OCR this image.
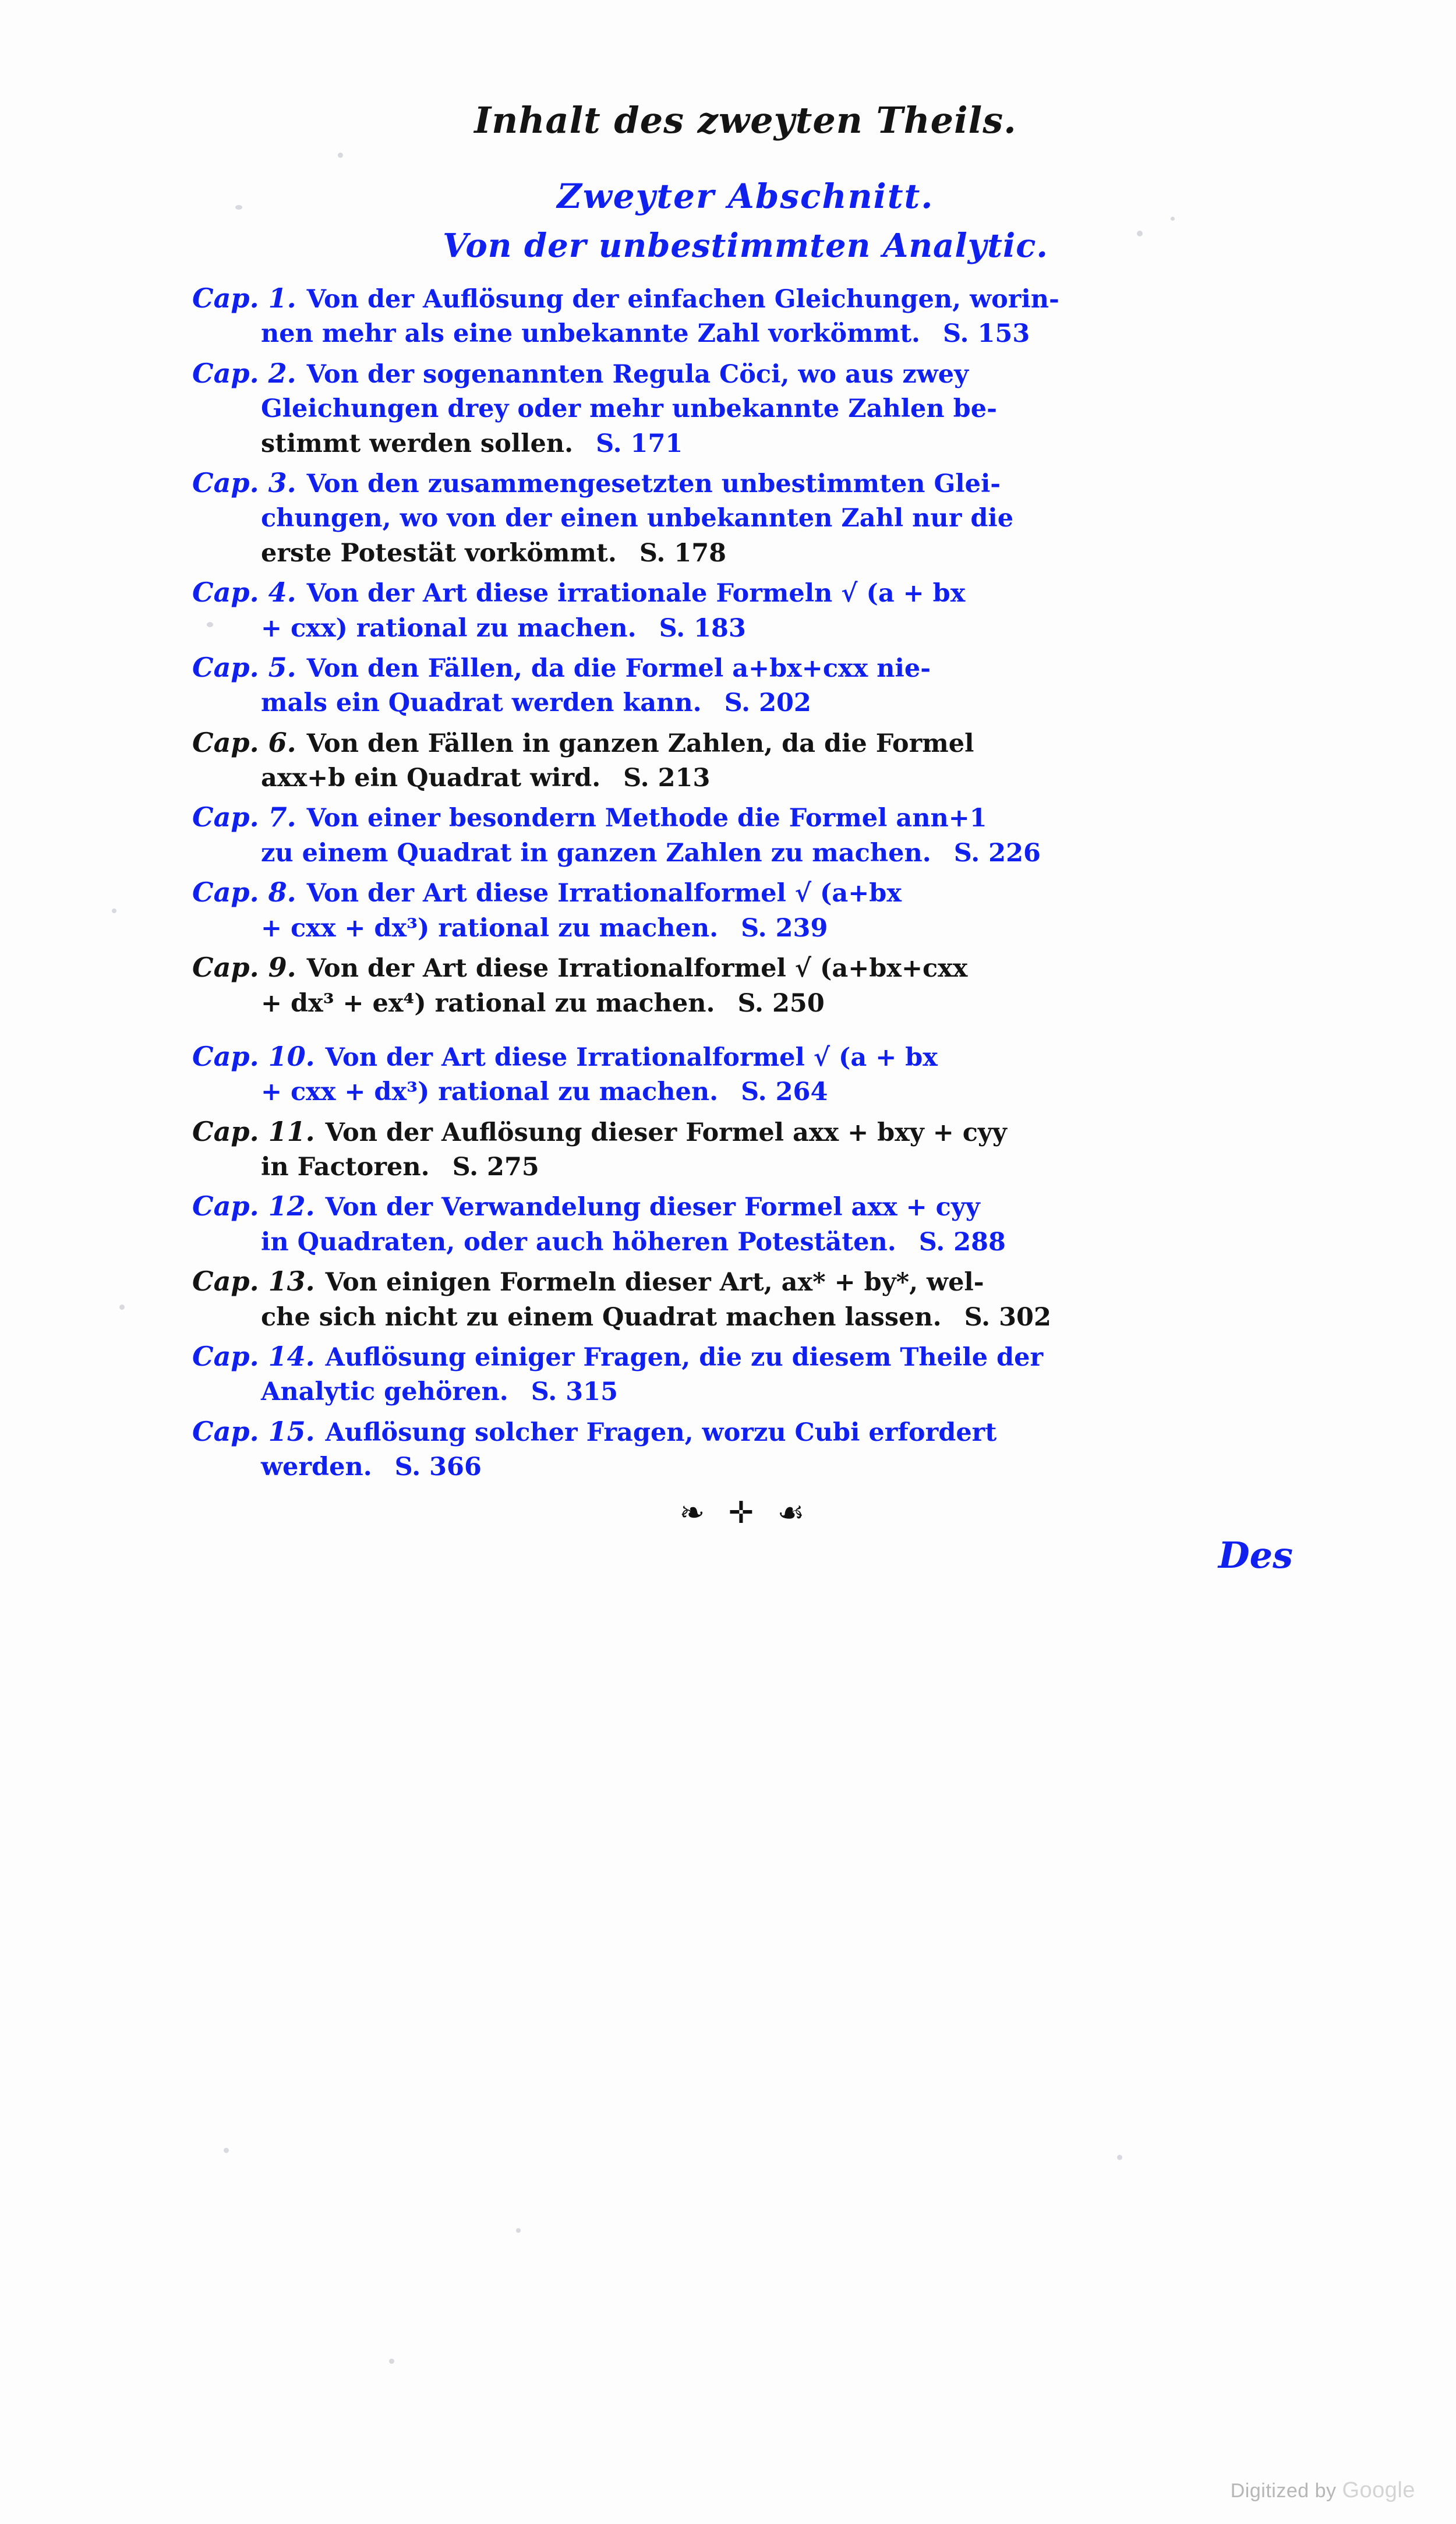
Inhalt des zweyten Theils.
Zweyter Abschnitt.
Von der unbestimmten Analytic.
Cap. 1. Von der Auflösung der einfachen Gleichungen, worin-
nen mehr als eine unbekannte Zahl vorkömmt. S. 153
Cap. 2. Von der sogenannten Regula Cöci, wo aus zwey
Gleichungen drey oder mehr unbekannte Zahlen be-
stimmt werden sollen. S. 171
Cap. 3. Von den zusammengesetzten unbestimmten Glei-
chungen, wo von der einen unbekannten Zahl nur die
erste Potestät vorkömmt. S. 178
Cap. 4. Von der Art diese irrationale Formeln √ (a + bx
+ cxx) rational zu machen. S. 183
Cap. 5. Von den Fällen, da die Formel a+bx+cxx nie-
mals ein Quadrat werden kann. S. 202
Cap. 6. Von den Fällen in ganzen Zahlen, da die Formel
axx+b ein Quadrat wird. S. 213
Cap. 7. Von einer besondern Methode die Formel ann+1
zu einem Quadrat in ganzen Zahlen zu machen. S. 226
Cap. 8. Von der Art diese Irrationalformel √ (a+bx
+ cxx + dx³) rational zu machen. S. 239
Cap. 9. Von der Art diese Irrationalformel √ (a+bx+cxx
+ dx³ + ex⁴) rational zu machen. S. 250
Cap. 10. Von der Art diese Irrationalformel √ (a + bx
+ cxx + dx³) rational zu machen. S. 264
Cap. 11. Von der Auflösung dieser Formel axx + bxy + cyy
in Factoren. S. 275
Cap. 12. Von der Verwandelung dieser Formel axx + cyy
in Quadraten, oder auch höheren Potestäten. S. 288
Cap. 13. Von einigen Formeln dieser Art, ax* + by*, wel-
che sich nicht zu einem Quadrat machen lassen. S. 302
Cap. 14. Auflösung einiger Fragen, die zu diesem Theile der
Analytic gehören. S. 315
Cap. 15. Auflösung solcher Fragen, worzu Cubi erfordert
werden. S. 366
❧ ✛ ☙
Des
Digitized by Google
